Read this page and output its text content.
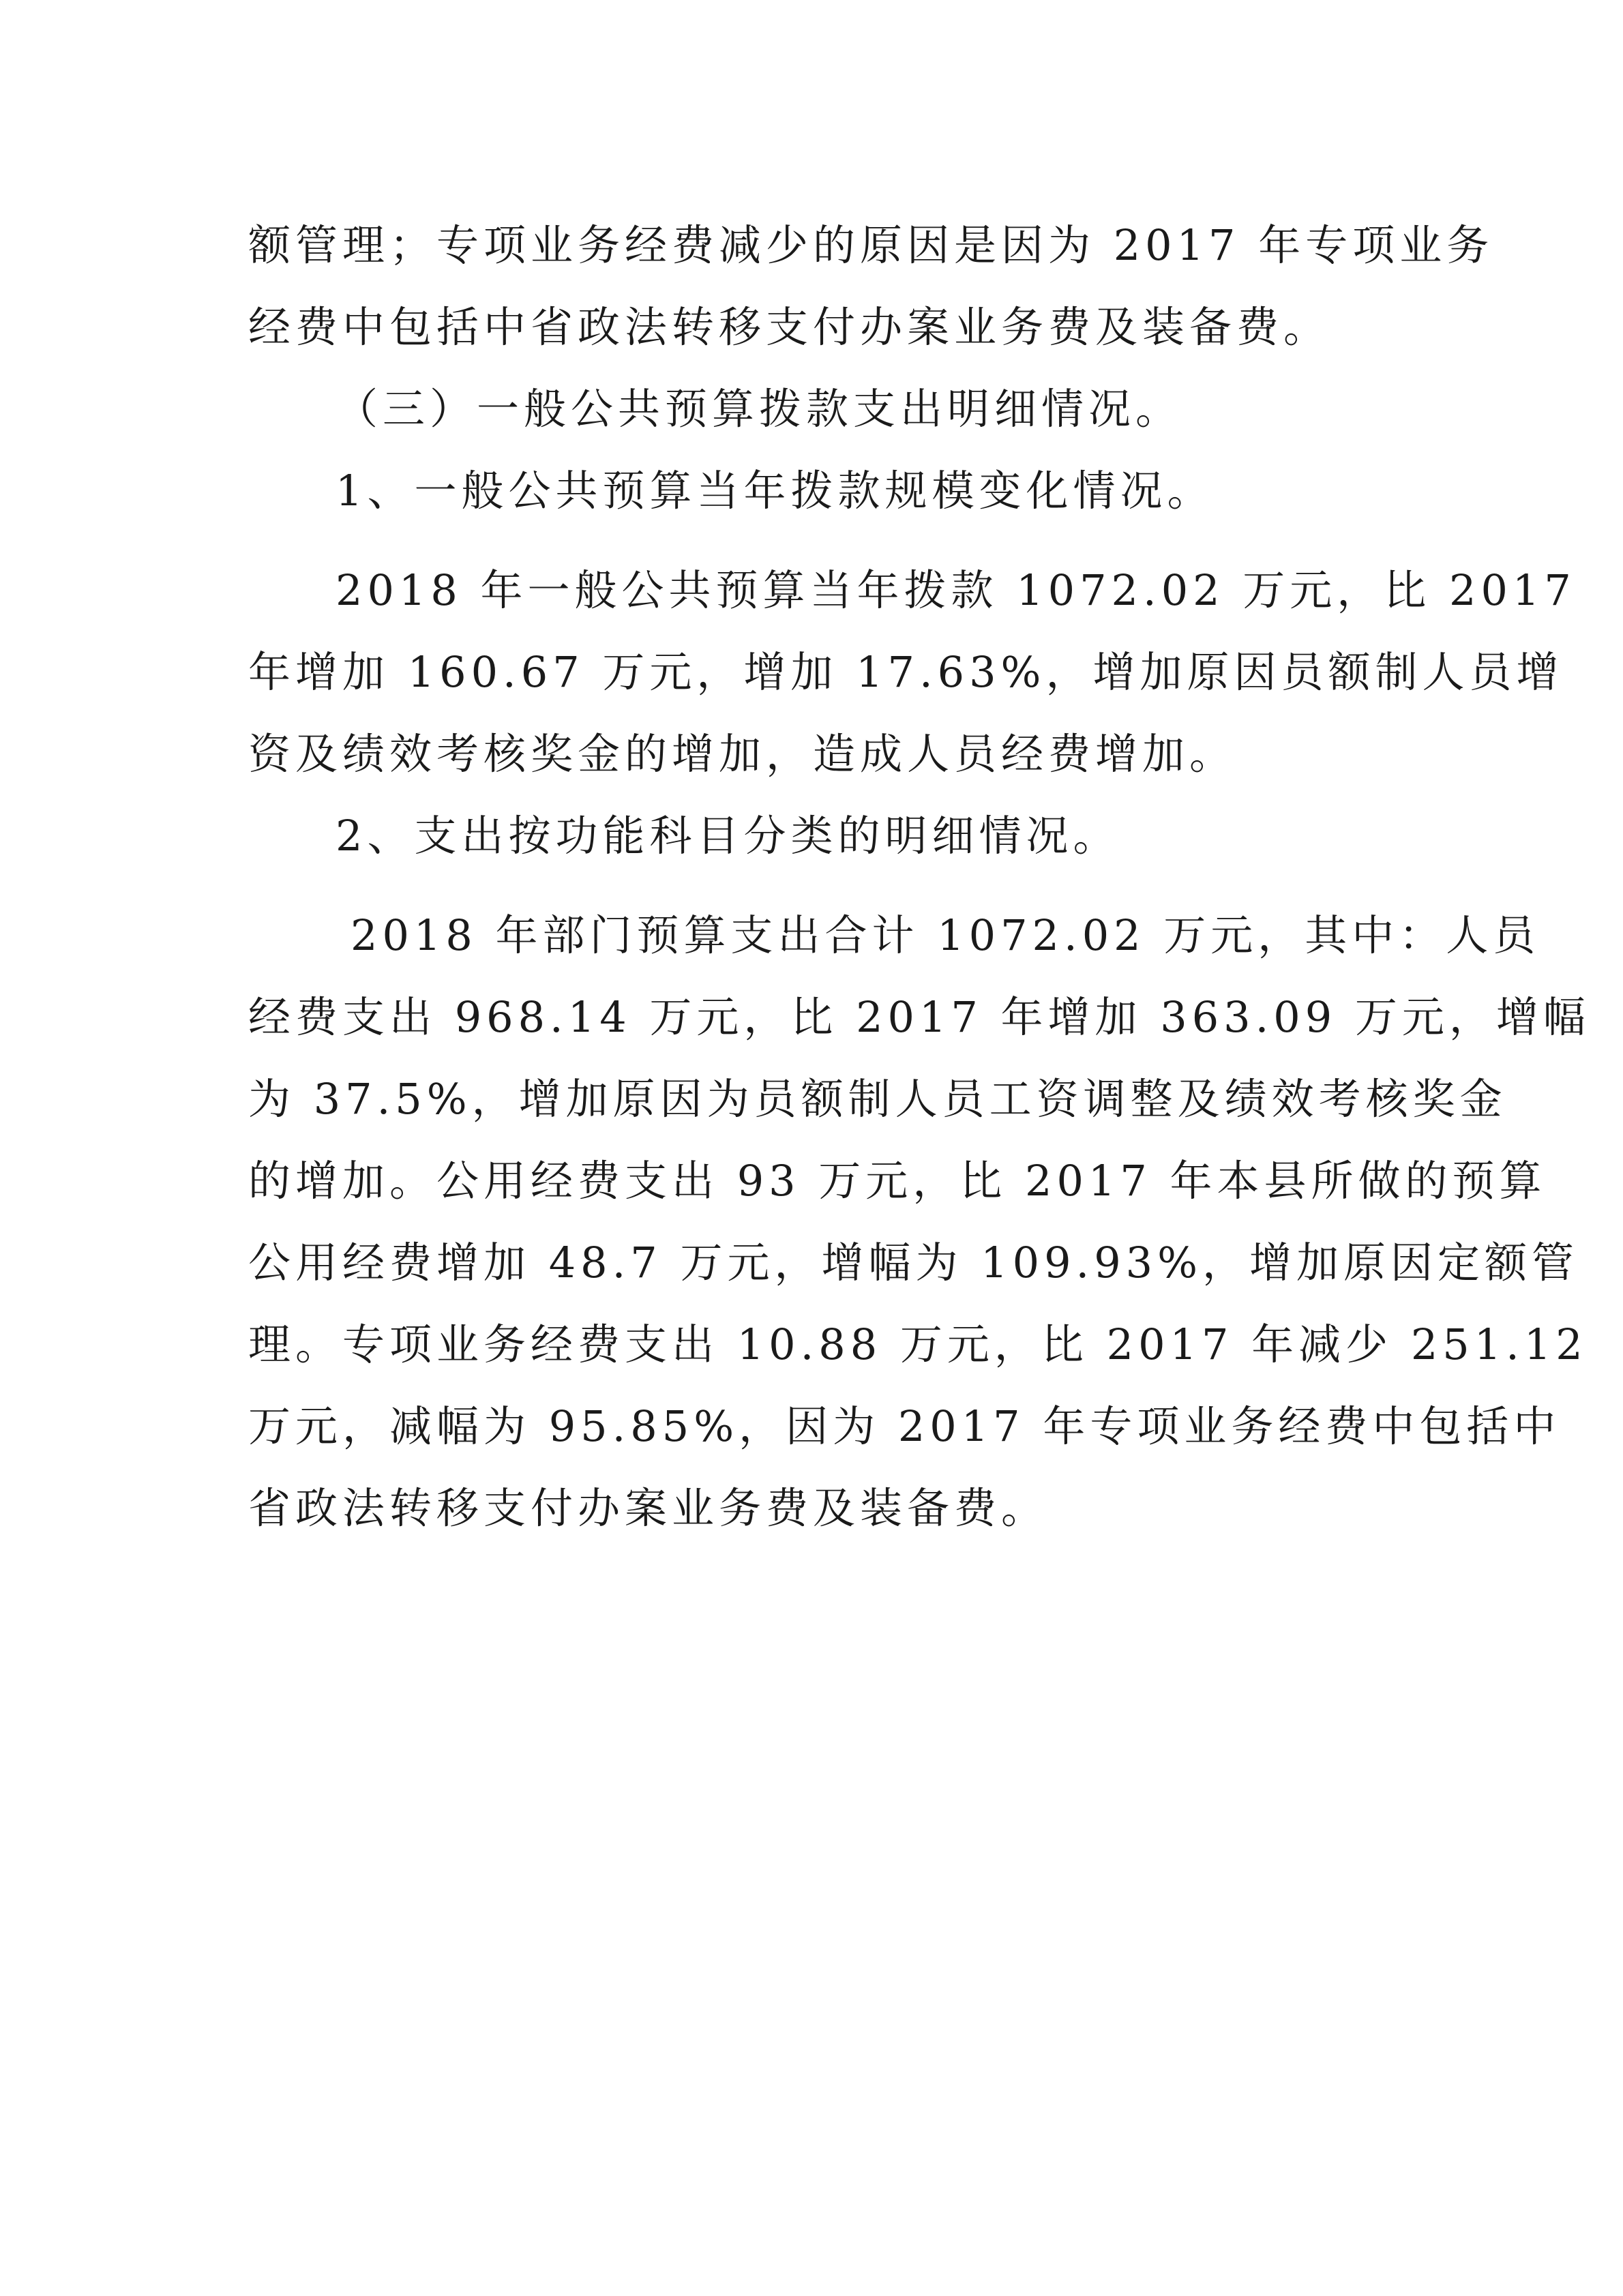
额管理；专项业务经费减少的原因是因为 2017 年专项业务
经费中包括中省政法转移支付办案业务费及装备费。
（三）一般公共预算拨款支出明细情况。
1、一般公共预算当年拨款规模变化情况。
2018 年一般公共预算当年拨款 1072.02 万元，比 2017
年增加 160.67 万元，增加 17.63%，增加原因员额制人员增
资及绩效考核奖金的增加，造成人员经费增加。
2、支出按功能科目分类的明细情况。
2018 年部门预算支出合计 1072.02 万元，其中：人员
经费支出 968.14 万元，比 2017 年增加 363.09 万元，增幅
为 37.5%，增加原因为员额制人员工资调整及绩效考核奖金
的增加。公用经费支出 93 万元，比 2017 年本县所做的预算
公用经费增加 48.7 万元，增幅为 109.93%，增加原因定额管
理。专项业务经费支出 10.88 万元，比 2017 年减少 251.12
万元，减幅为 95.85%，因为 2017 年专项业务经费中包括中
省政法转移支付办案业务费及装备费。
